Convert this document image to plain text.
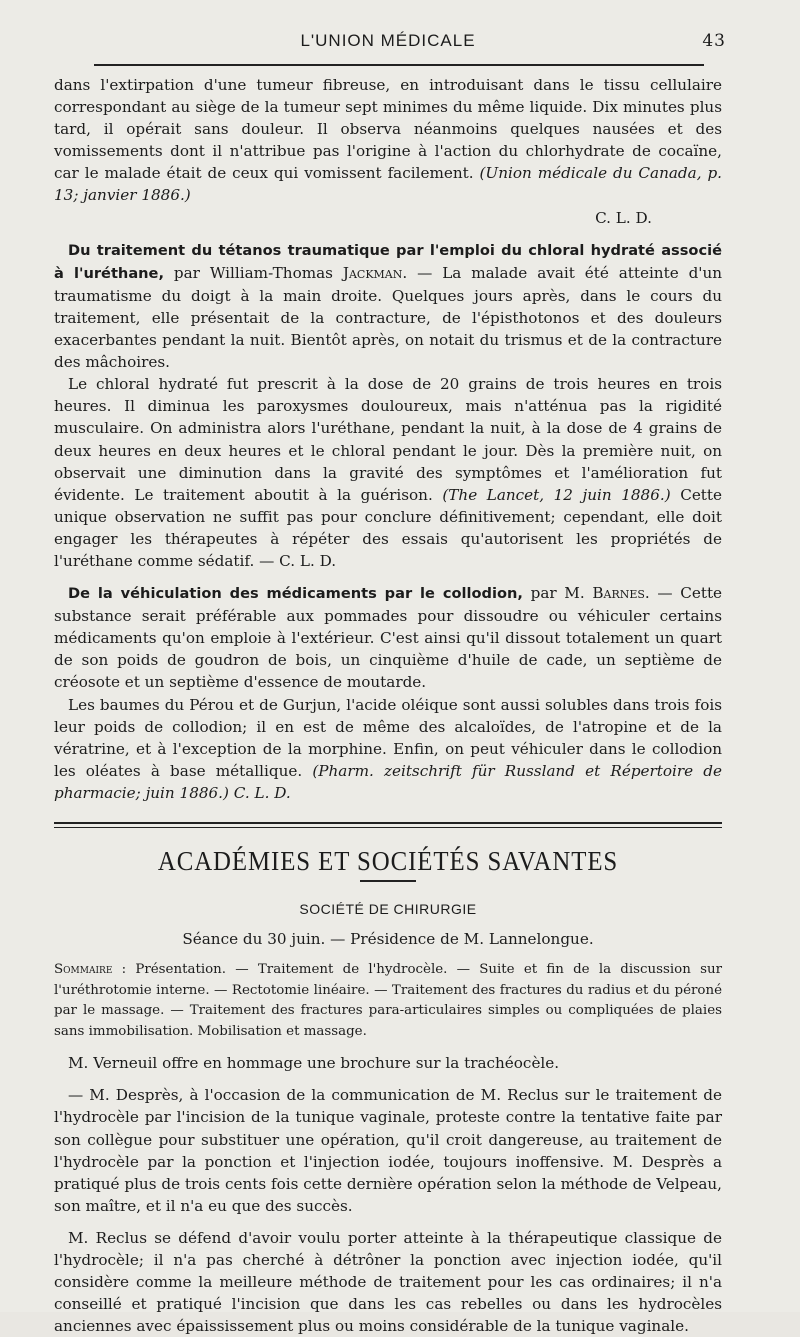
L'UNION MÉDICALE	43

dans l'extirpation d'une tumeur fibreuse, en introduisant dans le tissu cellulaire correspondant au siège de la tumeur sept minimes du même liquide. Dix minutes plus tard, il opérait sans douleur. Il observa néanmoins quelques nausées et des vomissements dont il n'attribue pas l'origine à l'action du chlorhydrate de cocaïne, car le malade était de ceux qui vomissent facilement. (Union médicale du Canada, p. 13; janvier 1886.)

C. L. D.

Du traitement du tétanos traumatique par l'emploi du chloral hydraté associé à l'uréthane, par William-Thomas Jackman. — La malade avait été atteinte d'un traumatisme du doigt à la main droite. Quelques jours après, dans le cours du traitement, elle présentait de la contracture, de l'épisthotonos et des douleurs exacerbantes pendant la nuit. Bientôt après, on notait du trismus et de la contracture des mâchoires.

Le chloral hydraté fut prescrit à la dose de 20 grains de trois heures en trois heures. Il diminua les paroxysmes douloureux, mais n'atténua pas la rigidité musculaire. On administra alors l'uréthane, pendant la nuit, à la dose de 4 grains de deux heures en deux heures et le chloral pendant le jour. Dès la première nuit, on observait une diminution dans la gravité des symptômes et l'amélioration fut évidente. Le traitement aboutit à la guérison. (The Lancet, 12 juin 1886.) Cette unique observation ne suffit pas pour conclure définitivement; cependant, elle doit engager les thérapeutes à répéter des essais qu'autorisent les propriétés de l'uréthane comme sédatif. — C. L. D.

De la véhiculation des médicaments par le collodion, par M. Barnes. — Cette substance serait préférable aux pommades pour dissoudre ou véhiculer certains médicaments qu'on emploie à l'extérieur. C'est ainsi qu'il dissout totalement un quart de son poids de goudron de bois, un cinquième d'huile de cade, un septième de créosote et un septième d'essence de moutarde.

Les baumes du Pérou et de Gurjun, l'acide oléique sont aussi solubles dans trois fois leur poids de collodion; il en est de même des alcaloïdes, de l'atropine et de la vératrine, et à l'exception de la morphine. Enfin, on peut véhiculer dans le collodion les oléates à base métallique. (Pharm. zeitschrift für Russland et Répertoire de pharmacie; juin 1886.) C. L. D.

ACADÉMIES ET SOCIÉTÉS SAVANTES
SOCIÉTÉ DE CHIRURGIE
Séance du 30 juin. — Présidence de M. Lannelongue.

Sommaire : Présentation. — Traitement de l'hydrocèle. — Suite et fin de la discussion sur l'uréthrotomie interne. — Rectotomie linéaire. — Traitement des fractures du radius et du péroné par le massage. — Traitement des fractures para-articulaires simples ou compliquées de plaies sans immobilisation. Mobilisation et massage.

M. Verneuil offre en hommage une brochure sur la trachéocèle.

— M. Desprès, à l'occasion de la communication de M. Reclus sur le traitement de l'hydrocèle par l'incision de la tunique vaginale, proteste contre la tentative faite par son collègue pour substituer une opération, qu'il croit dangereuse, au traitement de l'hydrocèle par la ponction et l'injection iodée, toujours inoffensive. M. Desprès a pratiqué plus de trois cents fois cette dernière opération selon la méthode de Velpeau, son maître, et il n'a eu que des succès.

M. Reclus se défend d'avoir voulu porter atteinte à la thérapeutique classique de l'hydrocèle; il n'a pas cherché à détrôner la ponction avec injection iodée, qu'il considère comme la meilleure méthode de traitement pour les cas ordinaires; il n'a conseillé et pratiqué l'incision que dans les cas rebelles ou dans les hydrocèles anciennes avec épaississement plus ou moins considérable de la tunique vaginale.
